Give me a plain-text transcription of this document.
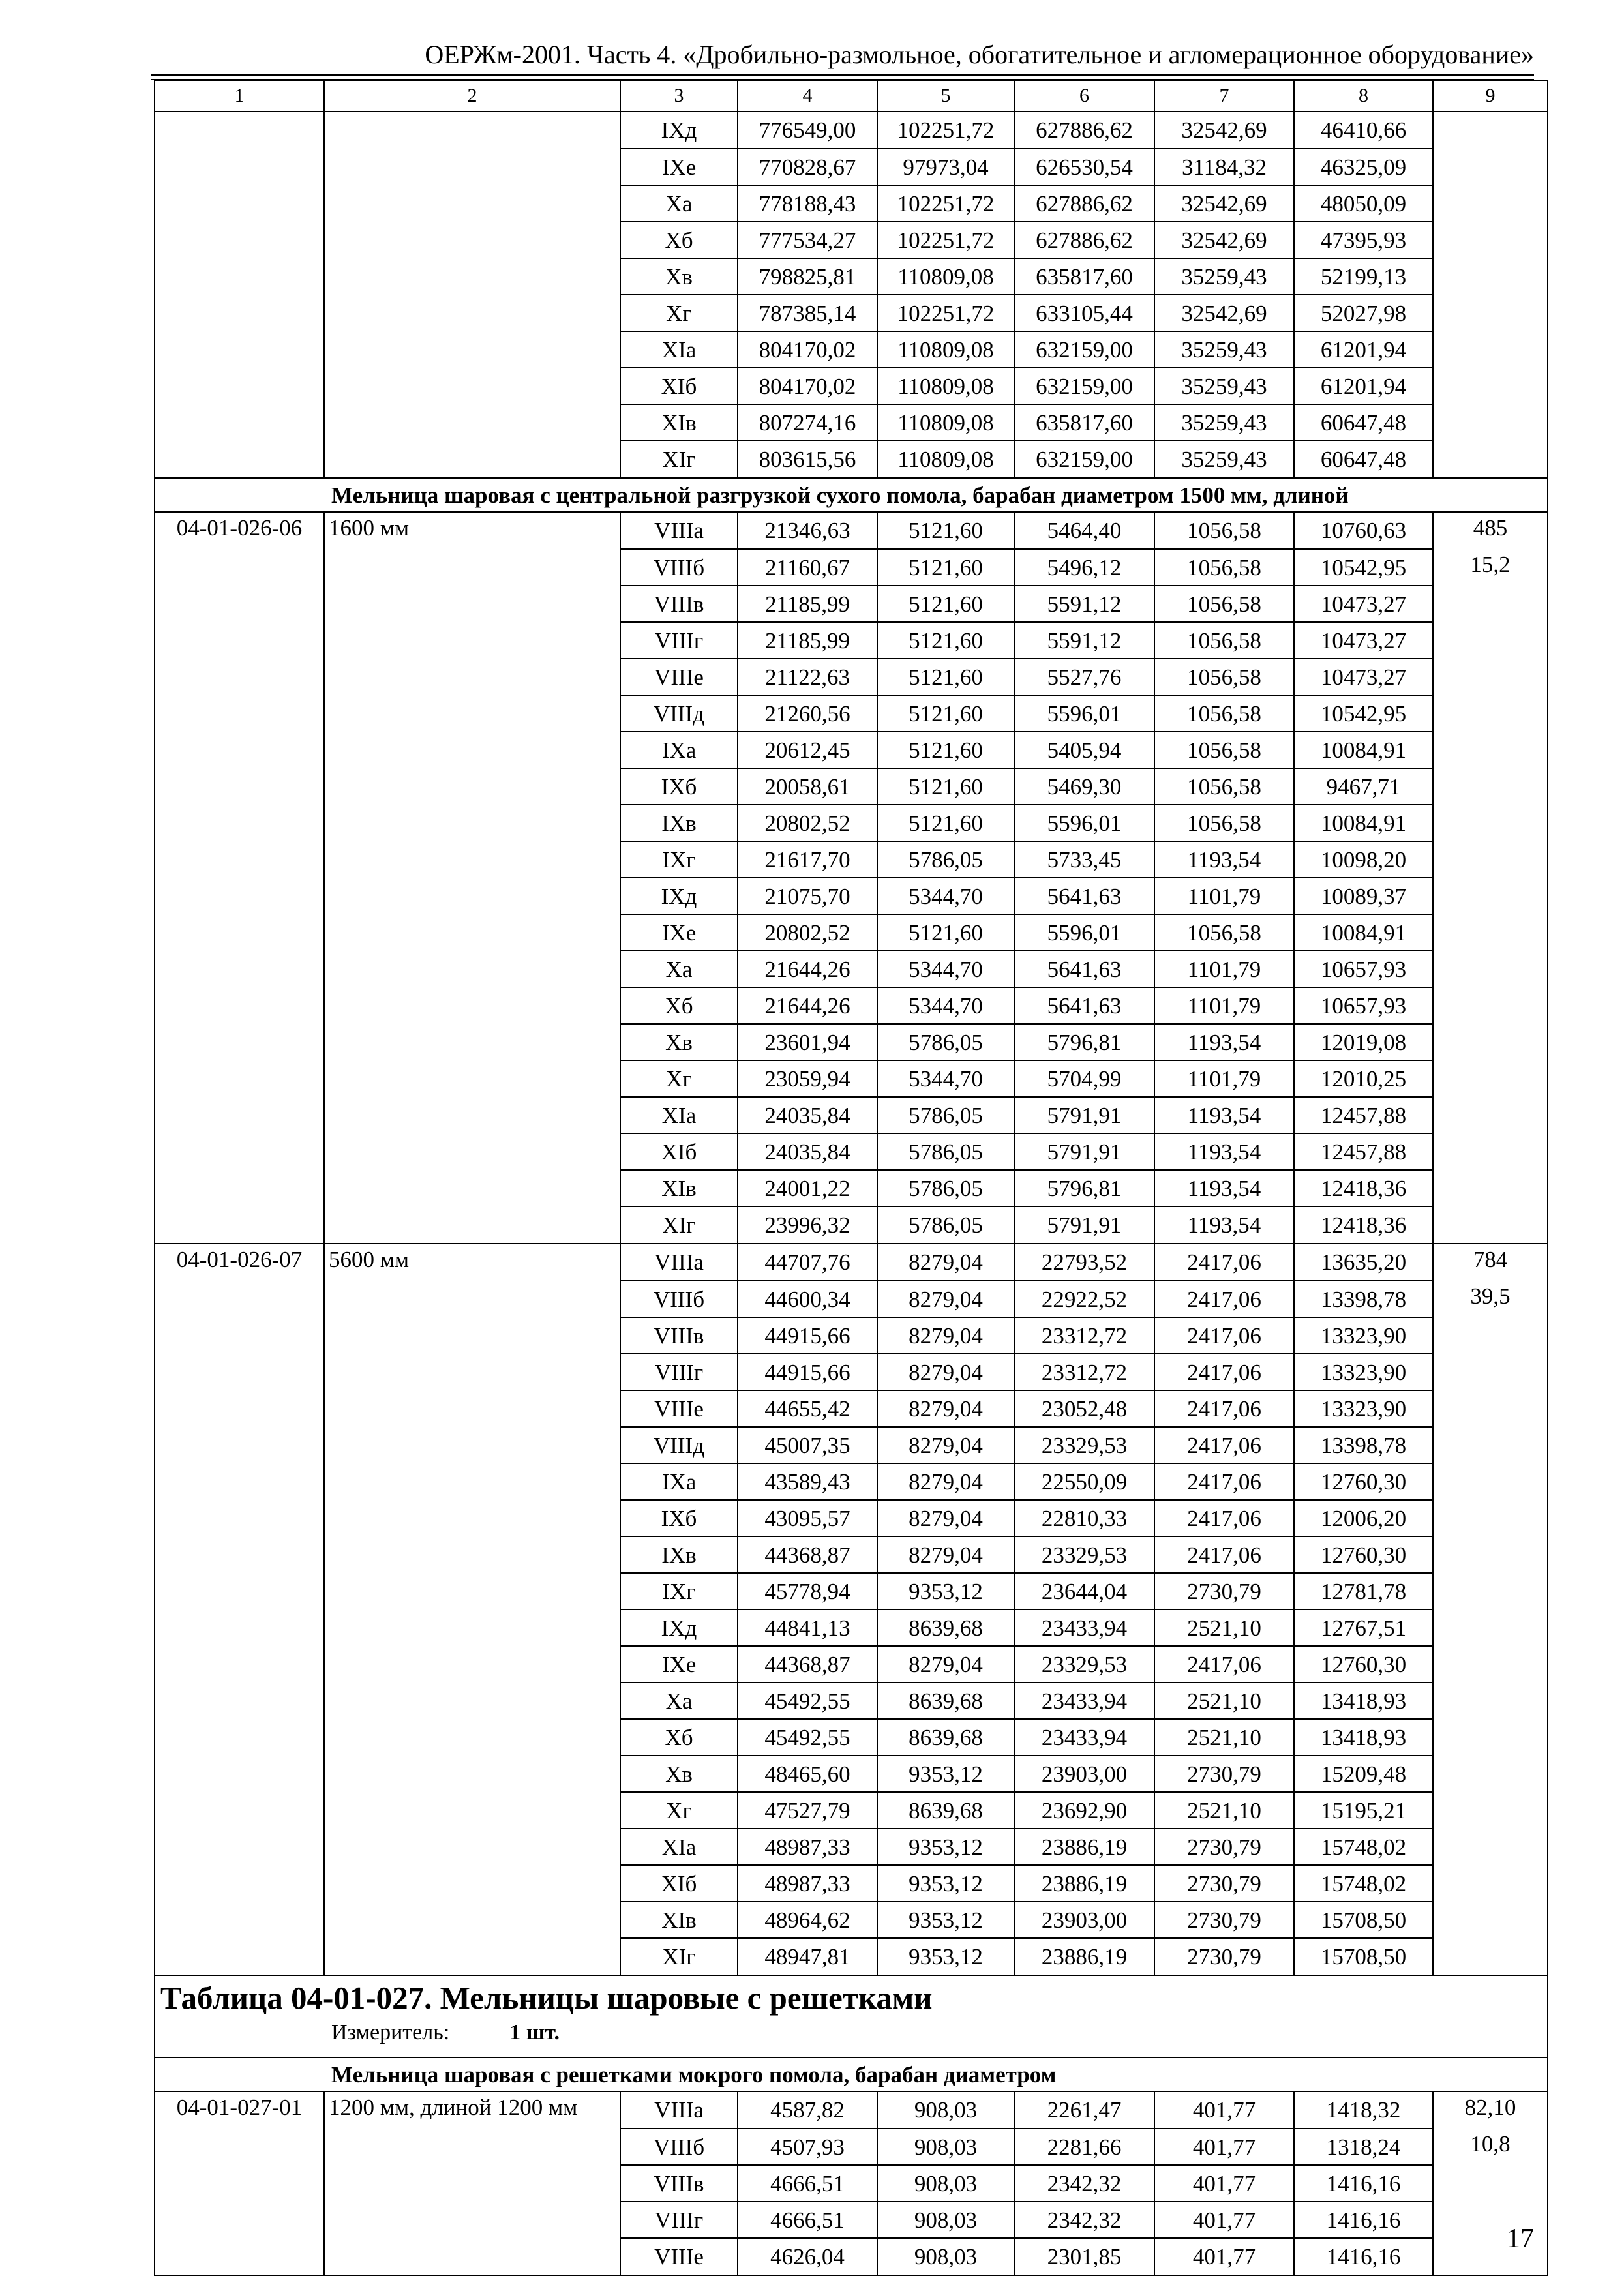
ОЕРЖм-2001. Часть 4. «Дробильно-размольное, обогатительное и агломерационное оборудование»
1	2	3	4	5	6	7	8	9
		IXд	776549,00	102251,72	627886,62	32542,69	46410,66	
		IXe	770828,67	97973,04	626530,54	31184,32	46325,09	
		Xa	778188,43	102251,72	627886,62	32542,69	48050,09	
		Xб	777534,27	102251,72	627886,62	32542,69	47395,93	
		Xв	798825,81	110809,08	635817,60	35259,43	52199,13	
		Xг	787385,14	102251,72	633105,44	32542,69	52027,98	
		XIa	804170,02	110809,08	632159,00	35259,43	61201,94	
		XIб	804170,02	110809,08	632159,00	35259,43	61201,94	
		XIв	807274,16	110809,08	635817,60	35259,43	60647,48	
		XIг	803615,56	110809,08	632159,00	35259,43	60647,48	
Мельница шаровая с центральной разгрузкой сухого помола, барабан диаметром 1500 мм, длиной								
04-01-026-06	1600 мм	VIIIa	21346,63	5121,60	5464,40	1056,58	10760,63	485
		VIIIб	21160,67	5121,60	5496,12	1056,58	10542,95	15,2
		VIIIв	21185,99	5121,60	5591,12	1056,58	10473,27	
		VIIIг	21185,99	5121,60	5591,12	1056,58	10473,27	
		VIIIe	21122,63	5121,60	5527,76	1056,58	10473,27	
		VIIIд	21260,56	5121,60	5596,01	1056,58	10542,95	
		IXa	20612,45	5121,60	5405,94	1056,58	10084,91	
		IXб	20058,61	5121,60	5469,30	1056,58	9467,71	
		IXв	20802,52	5121,60	5596,01	1056,58	10084,91	
		IXг	21617,70	5786,05	5733,45	1193,54	10098,20	
		IXд	21075,70	5344,70	5641,63	1101,79	10089,37	
		IXe	20802,52	5121,60	5596,01	1056,58	10084,91	
		Xa	21644,26	5344,70	5641,63	1101,79	10657,93	
		Xб	21644,26	5344,70	5641,63	1101,79	10657,93	
		Xв	23601,94	5786,05	5796,81	1193,54	12019,08	
		Xг	23059,94	5344,70	5704,99	1101,79	12010,25	
		XIa	24035,84	5786,05	5791,91	1193,54	12457,88	
		XIб	24035,84	5786,05	5791,91	1193,54	12457,88	
		XIв	24001,22	5786,05	5796,81	1193,54	12418,36	
		XIг	23996,32	5786,05	5791,91	1193,54	12418,36	
04-01-026-07	5600 мм	VIIIa	44707,76	8279,04	22793,52	2417,06	13635,20	784
		VIIIб	44600,34	8279,04	22922,52	2417,06	13398,78	39,5
		VIIIв	44915,66	8279,04	23312,72	2417,06	13323,90	
		VIIIг	44915,66	8279,04	23312,72	2417,06	13323,90	
		VIIIe	44655,42	8279,04	23052,48	2417,06	13323,90	
		VIIIд	45007,35	8279,04	23329,53	2417,06	13398,78	
		IXa	43589,43	8279,04	22550,09	2417,06	12760,30	
		IXб	43095,57	8279,04	22810,33	2417,06	12006,20	
		IXв	44368,87	8279,04	23329,53	2417,06	12760,30	
		IXг	45778,94	9353,12	23644,04	2730,79	12781,78	
		IXд	44841,13	8639,68	23433,94	2521,10	12767,51	
		IXe	44368,87	8279,04	23329,53	2417,06	12760,30	
		Xa	45492,55	8639,68	23433,94	2521,10	13418,93	
		Xб	45492,55	8639,68	23433,94	2521,10	13418,93	
		Xв	48465,60	9353,12	23903,00	2730,79	15209,48	
		Xг	47527,79	8639,68	23692,90	2521,10	15195,21	
		XIa	48987,33	9353,12	23886,19	2730,79	15748,02	
		XIб	48987,33	9353,12	23886,19	2730,79	15748,02	
		XIв	48964,62	9353,12	23903,00	2730,79	15708,50	
		XIг	48947,81	9353,12	23886,19	2730,79	15708,50	

Таблица 04-01-027. Мельницы шаровые с решетками
Измеритель: 1 шт.								

Мельница шаровая с решетками мокрого помола, барабан диаметром								
04-01-027-01	1200 мм, длиной 1200 мм	VIIIa	4587,82	908,03	2261,47	401,77	1418,32	82,10
		VIIIб	4507,93	908,03	2281,66	401,77	1318,24	10,8
		VIIIв	4666,51	908,03	2342,32	401,77	1416,16	
		VIIIг	4666,51	908,03	2342,32	401,77	1416,16	
		VIIIe	4626,04	908,03	2301,85	401,77	1416,16	
17
